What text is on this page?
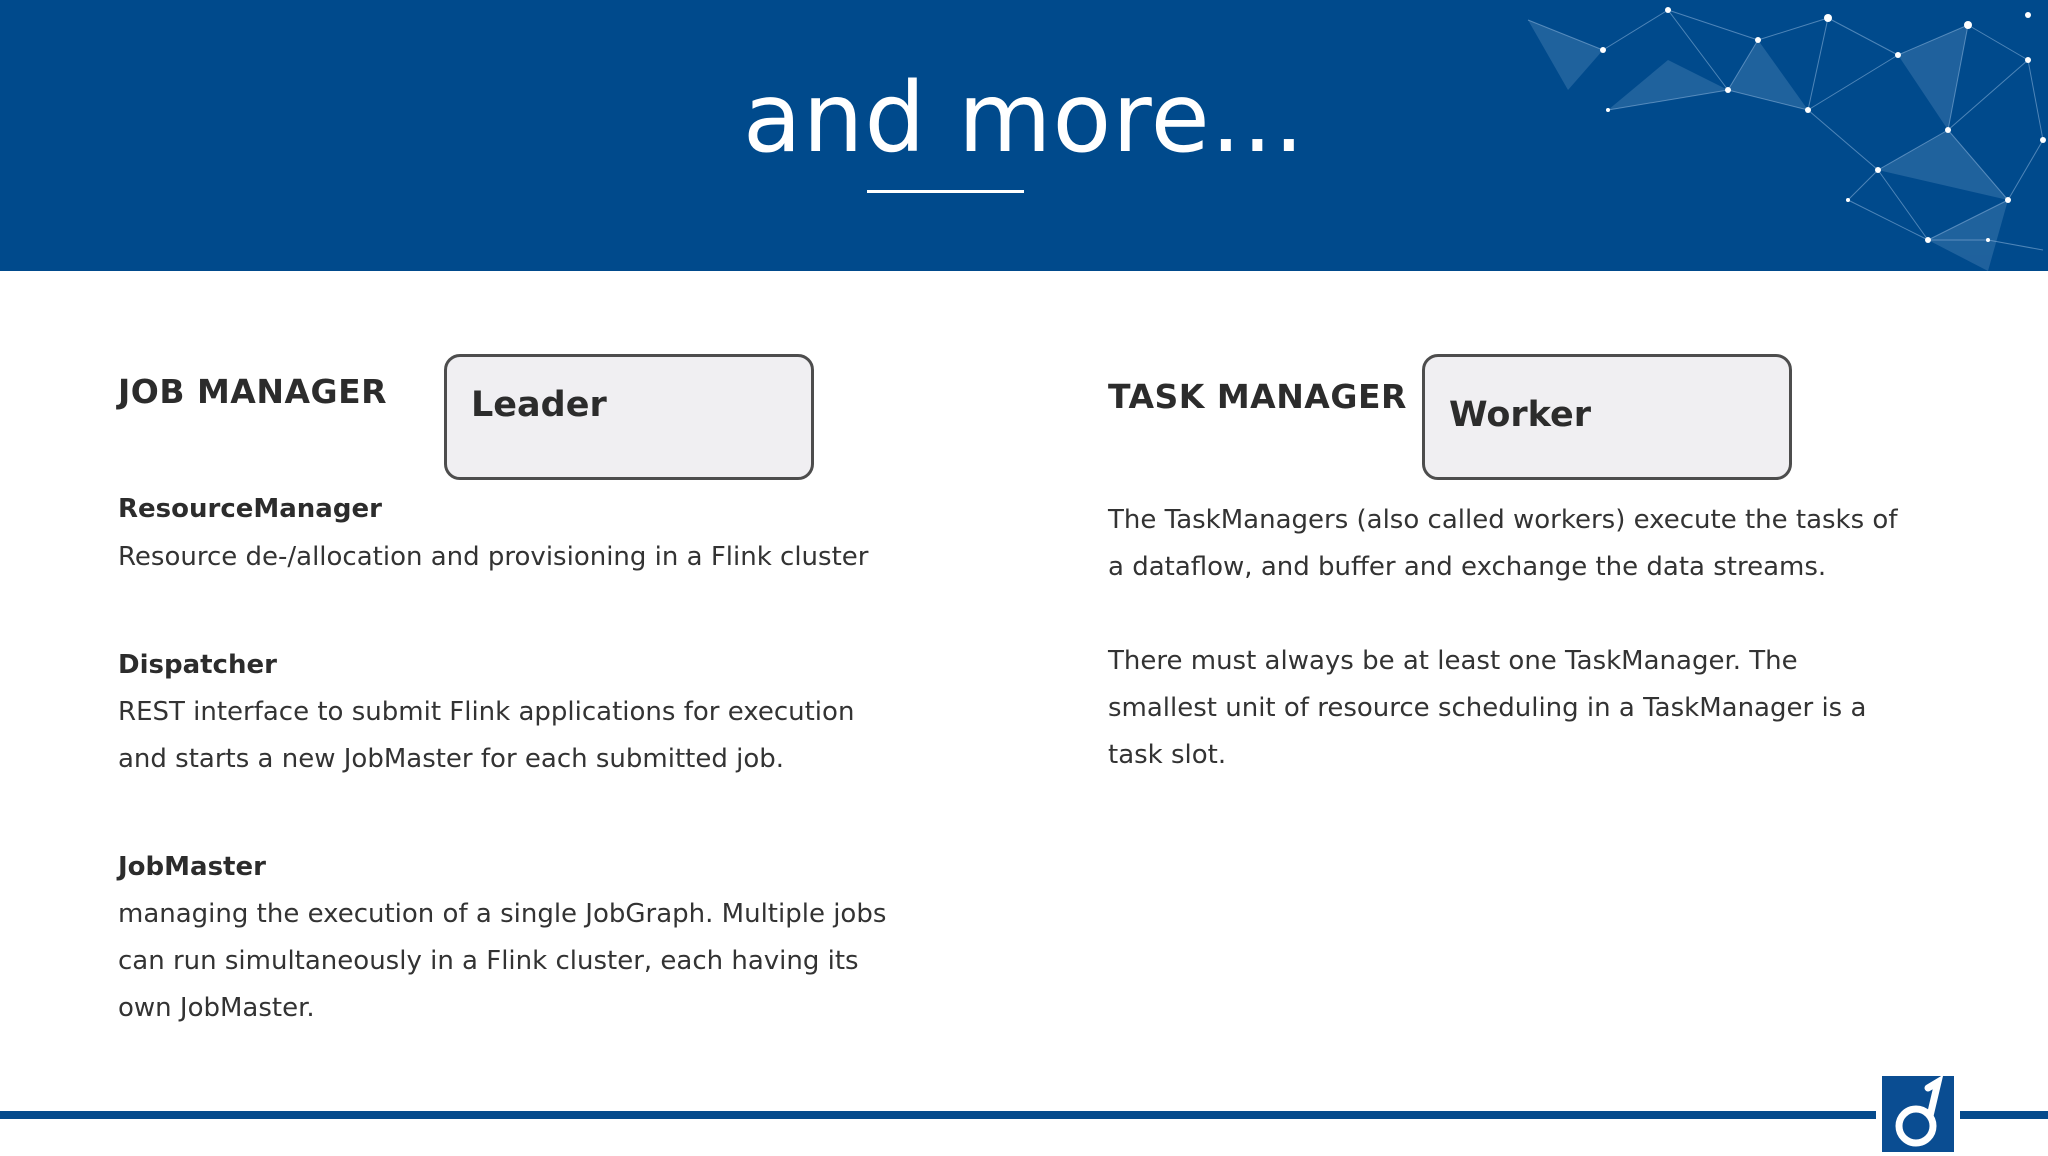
and more...
JOB MANAGER Leader
ResourceManager
Resource de-/allocation and provisioning in a Flink cluster
Dispatcher
REST interface to submit Flink applications for execution and starts a new JobMaster for each submitted job.
JobMaster
managing the execution of a single JobGraph. Multiple jobs can run simultaneously in a Flink cluster, each having its own JobMaster.
TASK MANAGER Worker
The TaskManagers (also called workers) execute the tasks of a dataflow, and buffer and exchange the data streams.
There must always be at least one TaskManager. The smallest unit of resource scheduling in a TaskManager is a task slot.
